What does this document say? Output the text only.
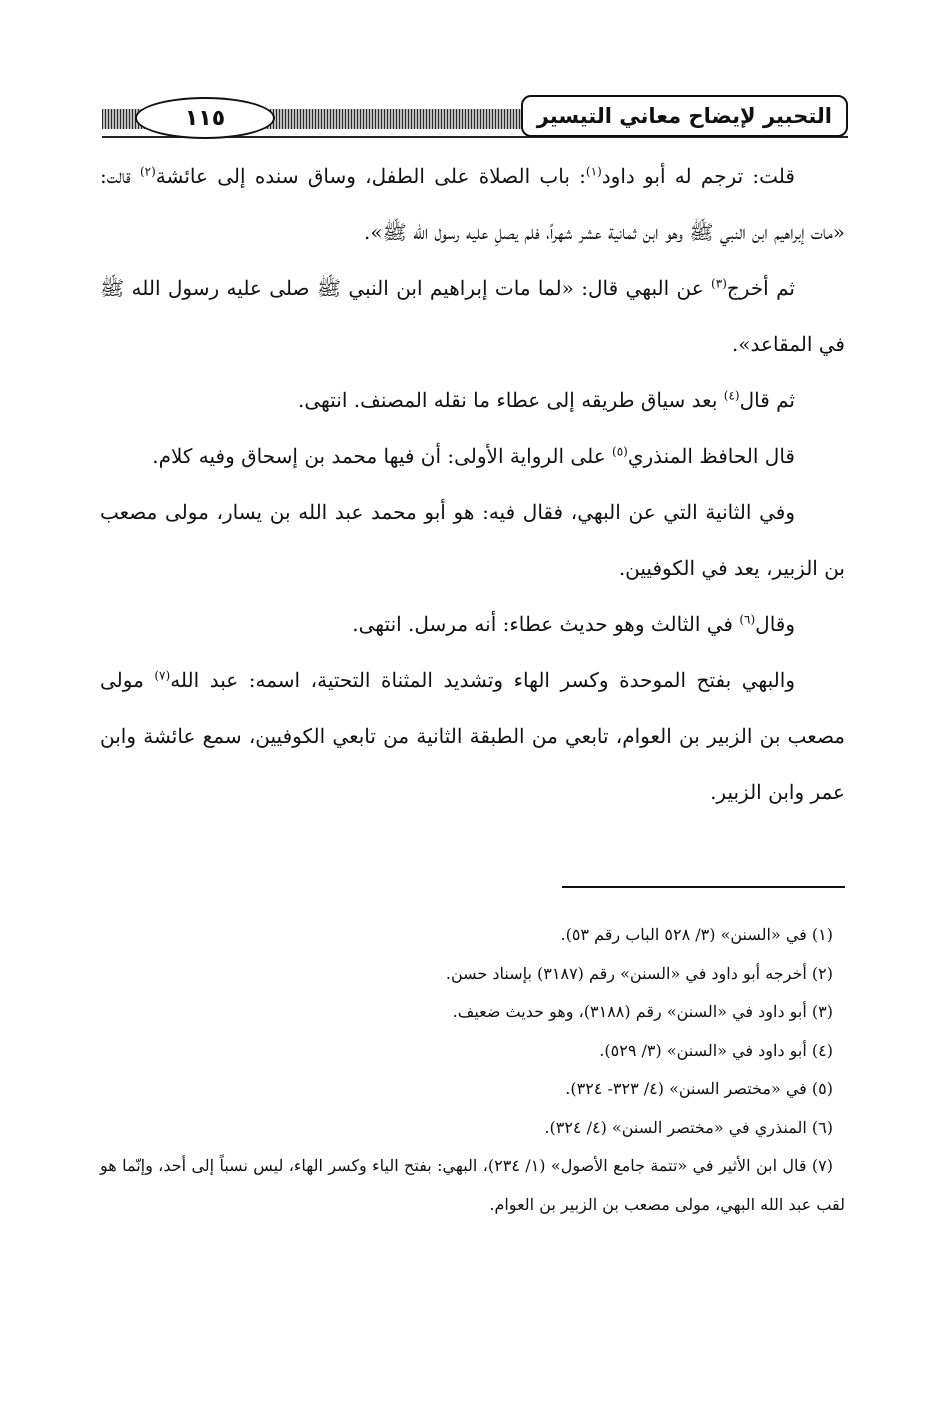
١١٥	التحبير لإيضاح معاني التيسير

قلت: ترجم له أبو داود$^{(١)}$: باب الصلاة على الطفل، وساق سنده إلى عائشة$^{(٢)}$ قالت: «مات إبراهيم ابن النبي ﷺ وهو ابن ثمانية عشر شهراً، فلم يصلِ عليه رسول الله ﷺ».

ثم أخرج$^{(٣)}$ عن البهي قال: «لما مات إبراهيم ابن النبي ﷺ صلى عليه رسول الله ﷺ في المقاعد».

ثم قال$^{(٤)}$ بعد سياق طريقه إلى عطاء ما نقله المصنف. انتهى.

قال الحافظ المنذري$^{(٥)}$ على الرواية الأولى: أن فيها محمد بن إسحاق وفيه كلام.

وفي الثانية التي عن البهي، فقال فيه: هو أبو محمد عبد الله بن يسار، مولى مصعب بن الزبير، يعد في الكوفيين.

وقال$^{(٦)}$ في الثالث وهو حديث عطاء: أنه مرسل. انتهى.

والبهي بفتح الموحدة وكسر الهاء وتشديد المثناة التحتية، اسمه: عبد الله$^{(٧)}$ مولى مصعب بن الزبير بن العوام، تابعي من الطبقة الثانية من تابعي الكوفيين، سمع عائشة وابن عمر وابن الزبير.

(١) في «السنن» (٣/ ٥٢٨ الباب رقم ٥٣).

(٢) أخرجه أبو داود في «السنن» رقم (٣١٨٧) بإسناد حسن.

(٣) أبو داود في «السنن» رقم (٣١٨٨)، وهو حديث ضعيف.

(٤) أبو داود في «السنن» (٣/ ٥٢٩).

(٥) في «مختصر السنن» (٤/ ٣٢٣- ٣٢٤).

(٦) المنذري في «مختصر السنن» (٤/ ٣٢٤).

(٧) قال ابن الأثير في «تتمة جامع الأصول» (١/ ٢٣٤)، البهي: بفتح الياء وكسر الهاء، ليس نسباً إلى أحد، وإنّما هو لقب عبد الله البهي، مولى مصعب بن الزبير بن العوام.
